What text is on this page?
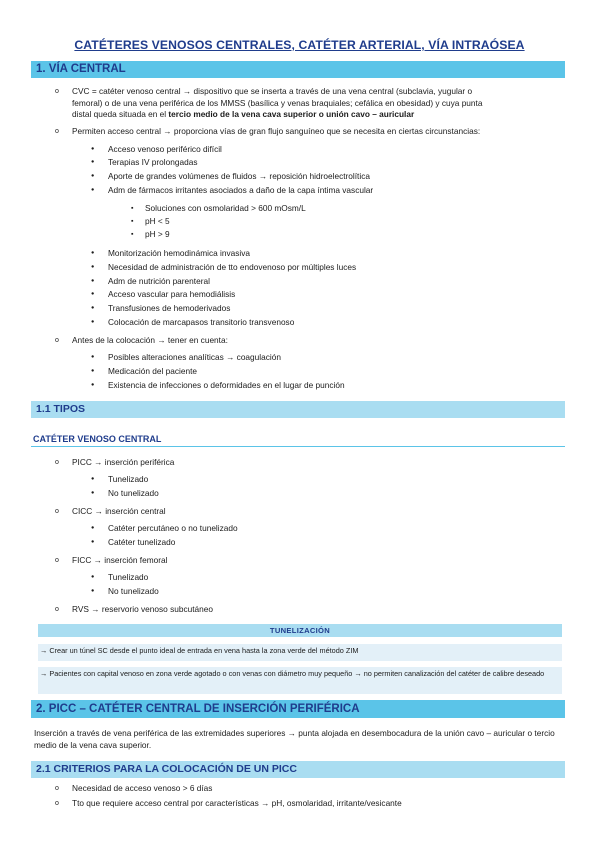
CATÉTERES VENOSOS CENTRALES, CATÉTER ARTERIAL, VÍA INTRAÓSEA
1. VÍA CENTRAL
o CVC = catéter venoso central → dispositivo que se inserta a través de una vena central (subclavia, yugular o
femoral) o de una vena periférica de los MMSS (basílica y venas braquiales; cefálica en obesidad) y cuya punta
distal queda situada en el tercio medio de la vena cava superior o unión cavo – auricular
o Permiten acceso central → proporciona vías de gran flujo sanguíneo que se necesita en ciertas circunstancias:
● Acceso venoso periférico difícil
● Terapias IV prolongadas
● Aporte de grandes volúmenes de fluidos → reposición hidroelectrolítica
● Adm de fármacos irritantes asociados a daño de la capa íntima vascular
▪ Soluciones con osmolaridad > 600 mOsm/L
▪ pH < 5
▪ pH > 9
● Monitorización hemodinámica invasiva
● Necesidad de administración de tto endovenoso por múltiples luces
● Adm de nutrición parenteral
● Acceso vascular para hemodiálisis
● Transfusiones de hemoderivados
● Colocación de marcapasos transitorio transvenoso
o Antes de la colocación → tener en cuenta:
● Posibles alteraciones analíticas → coagulación
● Medicación del paciente
● Existencia de infecciones o deformidades en el lugar de punción
1.1 TIPOS
CATÉTER VENOSO CENTRAL
o PICC → inserción periférica
● Tunelizado
● No tunelizado
o CICC → inserción central
● Catéter percutáneo o no tunelizado
● Catéter tunelizado
o FICC → inserción femoral
● Tunelizado
● No tunelizado
o RVS → reservorio venoso subcutáneo
TUNELIZACIÓN
→ Crear un túnel SC desde el punto ideal de entrada en vena hasta la zona verde del método ZIM
→ Pacientes con capital venoso en zona verde agotado o con venas con diámetro muy pequeño → no permiten canalización del catéter de calibre deseado
2. PICC – CATÉTER CENTRAL DE INSERCIÓN PERIFÉRICA
Inserción a través de vena periférica de las extremidades superiores → punta alojada en desembocadura de la unión cavo – auricular o tercio medio de la vena cava superior.
2.1 CRITERIOS PARA LA COLOCACIÓN DE UN PICC
o Necesidad de acceso venoso > 6 días
o Tto que requiere acceso central por características → pH, osmolaridad, irritante/vesicante
